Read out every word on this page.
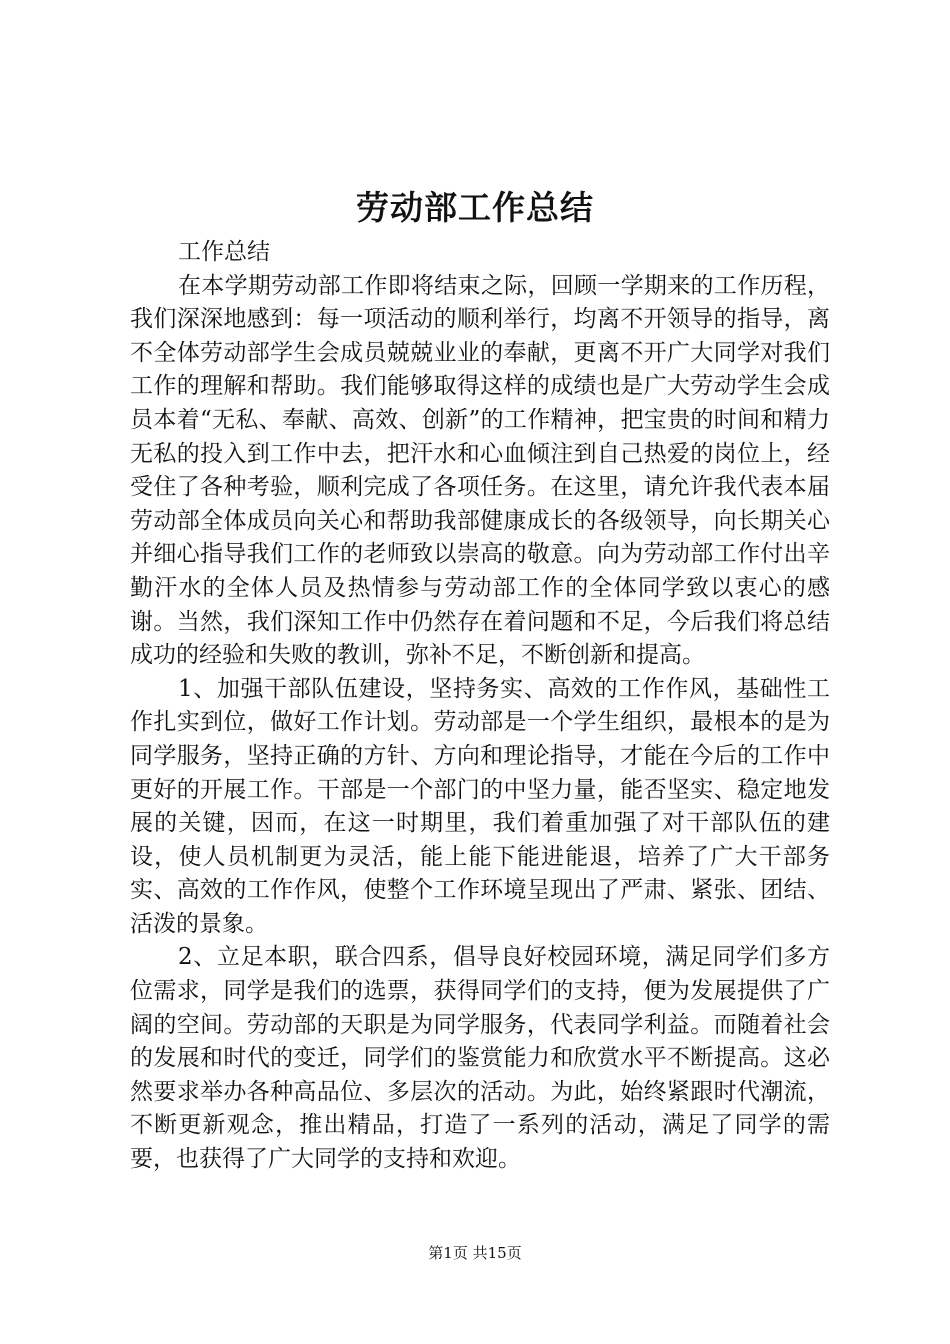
劳动部工作总结

工作总结

在本学期劳动部工作即将结束之际，回顾一学期来的工作历程，我们深深地感到：每一项活动的顺利举行，均离不开领导的指导，离不全体劳动部学生会成员兢兢业业的奉献，更离不开广大同学对我们工作的理解和帮助。我们能够取得这样的成绩也是广大劳动学生会成员本着“无私、奉献、高效、创新”的工作精神，把宝贵的时间和精力无私的投入到工作中去，把汗水和心血倾注到自己热爱的岗位上，经受住了各种考验，顺利完成了各项任务。在这里，请允许我代表本届劳动部全体成员向关心和帮助我部健康成长的各级领导，向长期关心并细心指导我们工作的老师致以崇高的敬意。向为劳动部工作付出辛勤汗水的全体人员及热情参与劳动部工作的全体同学致以衷心的感谢。当然，我们深知工作中仍然存在着问题和不足，今后我们将总结成功的经验和失败的教训，弥补不足，不断创新和提高。

1、加强干部队伍建设，坚持务实、高效的工作作风，基础性工作扎实到位，做好工作计划。劳动部是一个学生组织，最根本的是为同学服务，坚持正确的方针、方向和理论指导，才能在今后的工作中更好的开展工作。干部是一个部门的中坚力量，能否坚实、稳定地发展的关键，因而，在这一时期里，我们着重加强了对干部队伍的建设，使人员机制更为灵活，能上能下能进能退，培养了广大干部务实、高效的工作作风，使整个工作环境呈现出了严肃、紧张、团结、活泼的景象。

2、立足本职，联合四系，倡导良好校园环境，满足同学们多方位需求，同学是我们的选票，获得同学们的支持，便为发展提供了广阔的空间。劳动部的天职是为同学服务，代表同学利益。而随着社会的发展和时代的变迁，同学们的鉴赏能力和欣赏水平不断提高。这必然要求举办各种高品位、多层次的活动。为此，始终紧跟时代潮流，不断更新观念，推出精品，打造了一系列的活动，满足了同学的需要，也获得了广大同学的支持和欢迎。

第1页 共15页
